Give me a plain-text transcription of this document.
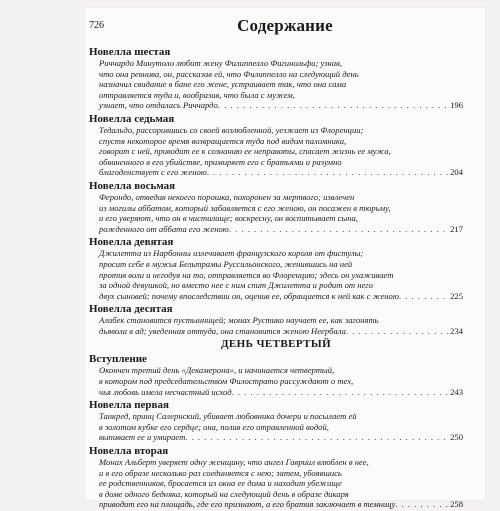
726	Содержание
Новелла шестая
Риччардо Минутоло любит жену Филиппелло Фигинольфи; узнав,
что она ревнива, он, рассказав ей, что Филиппелло на следующий день
назначил свидание в бане его жене, устраивает так, что она сама
отправляется туда и, вообразив, что была с мужем,
узнает, что отдалась Риччардо . . .	196
Новелла седьмая
Тедальдо, рассорившись со своей возлюбленной, уезжает из Флоренции;
спустя некоторое время возвращается туда под видом паломника,
говорит с ней, приводит ее к сознанию ее неправоты, спасает жизнь ее мужа,
обвиненного в его убийстве, примиряет его с братьями и разумно
благоденствует с его женою . . .	204
Новелла восьмая
Ферондо, отведав некоего порошка, похоронен за мертвого; извлечен
из могилы аббатом, который забавляется с его женою, он посажен в тюрьму,
и его уверяют, что он в чистилище; воскресну, он воспитывает сына,
рожденного от аббата его женою . . .	217
Новелла девятая
Джилетта из Нарбонны излечивает французского короля от фистулы;
просит себе в мужья Бельтрамы Руссильонского, женившись на ней
против воли и негодуя на то, отправляется во Флоренцию; здесь он ухаживает
за одной девушкой, но вместо нее с ним спит Джилетта и родит от него
двух сыновей; почему впоследствии он, оценив ее, обращается к ней как с женою . . .	225
Новелла десятая
Алибек становится пустынницей; монах Рустико научает ее, как загонять
дьявола в ад; уведенная оттуда, она становится женою Неербала . . .	234
ДЕНЬ ЧЕТВЕРТЫЙ
Вступление
Окончен третий день «Декамерона», и начинается четвертый,
в котором под председательством Филострато рассуждают о тех,
чья любовь имела несчастный исход . . .	243
Новелла первая
Танкред, принц Салернский, убивает любовника дочери и посылает ей
в золотом кубке его сердце; она, полив его отравленной водой,
выпивает ее и умирает . . .	250
Новелла вторая
Монах Альберт уверяет одну женщину, что ангел Гавриил влюблен в нее,
и в его образе несколько раз соединяется с нею; затем, убоявшись
ее родственников, бросается из окна ее дома и находит убежище
в доме одного бедняка, который на следующий день в образе дикаря
приводит его на площадь, где его признают, а его братия заключает в темницу . . .	258
